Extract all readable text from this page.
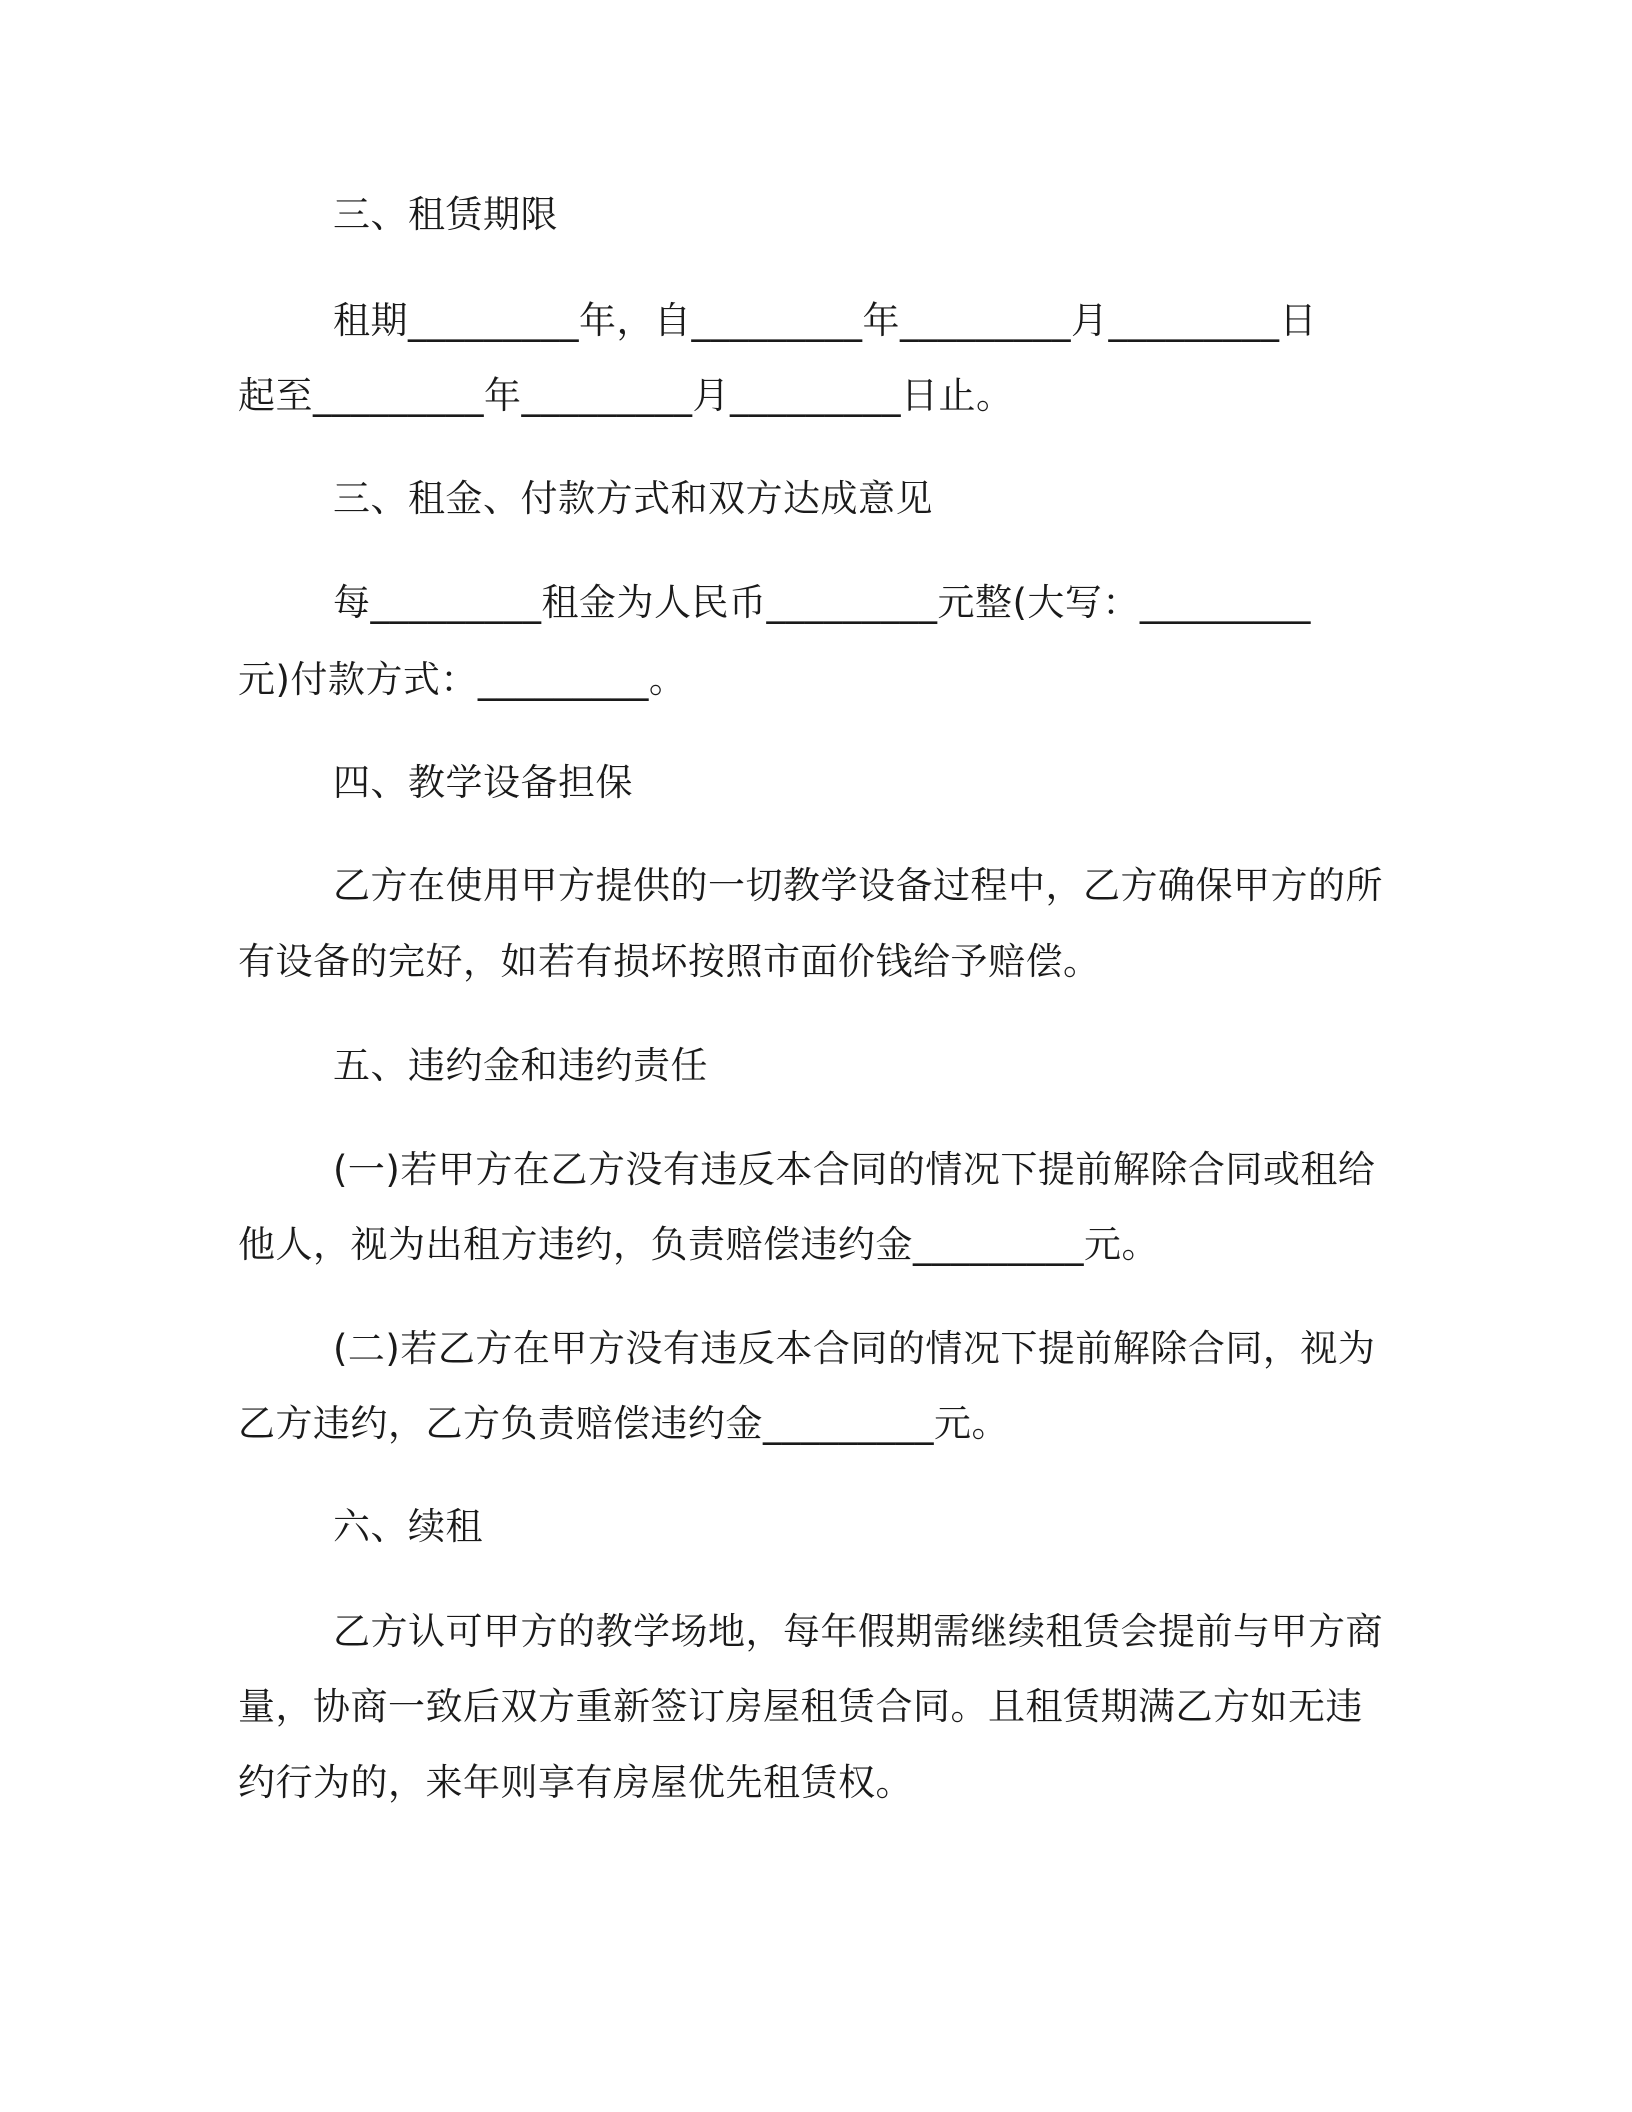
三、租赁期限
租期_________年，自_________年_________月_________日
起至_________年_________月_________日止。
三、租金、付款方式和双方达成意见
每_________租金为人民币_________元整(大写：_________
元)付款方式：_________。
四、教学设备担保
乙方在使用甲方提供的一切教学设备过程中，乙方确保甲方的所
有设备的完好，如若有损坏按照市面价钱给予赔偿。
五、违约金和违约责任
(一)若甲方在乙方没有违反本合同的情况下提前解除合同或租给
他人，视为出租方违约，负责赔偿违约金_________元。
(二)若乙方在甲方没有违反本合同的情况下提前解除合同，视为
乙方违约，乙方负责赔偿违约金_________元。
六、续租
乙方认可甲方的教学场地，每年假期需继续租赁会提前与甲方商
量，协商一致后双方重新签订房屋租赁合同。且租赁期满乙方如无违
约行为的，来年则享有房屋优先租赁权。
